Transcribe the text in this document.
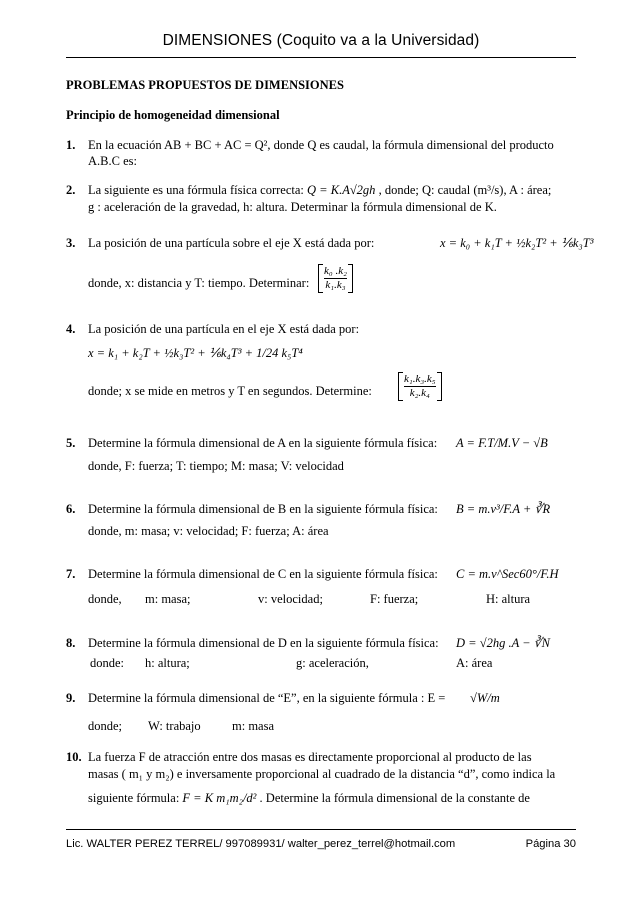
DIMENSIONES (Coquito va a la Universidad)
PROBLEMAS PROPUESTOS DE DIMENSIONES
Principio de homogeneidad dimensional
1. En la ecuación AB + BC + AC = Q², donde Q es caudal, la fórmula dimensional del producto
A.B.C es:
2. La siguiente es una fórmula física correcta: Q = K.A√2gh , donde; Q: caudal (m³/s), A : área;
g : aceleración de la gravedad, h: altura. Determinar la fórmula dimensional de K.
3. La posición de una partícula sobre el eje X está dada por:	x = k₀ + k₁T + ½k₂T² + ⅙k₃T³
donde, x: distancia y T: tiempo. Determinar: $\frac{\text{k₀ .k₂}}{\text{k₁.k₃}}$
4. La posición de una partícula en el eje X está dada por:
x = k₁ + k₂T + ½k₃T² + ⅙k₄T³ + 1/24 k₅T⁴
donde; x se mide en metros y T en segundos. Determine: $\frac{\text{k₁.k₃.k₅}}{\text{k₂.k₄}}$
5. Determine la fórmula dimensional de A en la siguiente fórmula física: A = F.T/M.V − √B
donde, F: fuerza; T: tiempo; M: masa; V: velocidad
6. Determine la fórmula dimensional de B en la siguiente fórmula física: B = m.v³/F.A + ∛R
donde, m: masa; v: velocidad; F: fuerza; A: área
7. Determine la fórmula dimensional de C en la siguiente fórmula física: C = m.v^Sec60°/F.H
donde, m: masa;	v: velocidad;	F: fuerza;	H: altura
8. Determine la fórmula dimensional de D en la siguiente fórmula física: D = √2hg .A − ∛N
donde: h: altura;	g: aceleración,	A: área
9. Determine la fórmula dimensional de “E”, en la siguiente fórmula : E = √W/m
donde; W: trabajo	m: masa
10. La fuerza F de atracción entre dos masas es directamente proporcional al producto de las
masas ( m₁ y m₂) e inversamente proporcional al cuadrado de la distancia “d”, como indica la
siguiente fórmula: F = K m₁m₂/d² . Determine la fórmula dimensional de la constante de
Lic. WALTER PEREZ TERREL/ 997089931/ walter_perez_terrel@hotmail.com	Página 30
